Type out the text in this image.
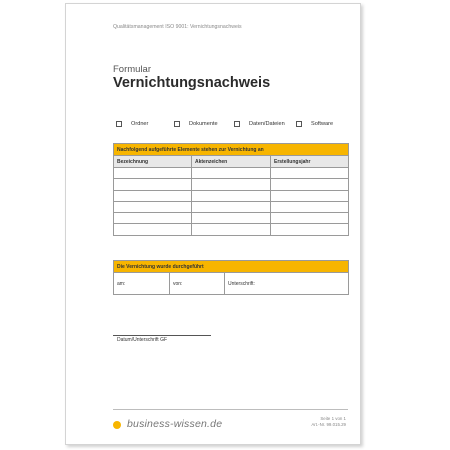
Qualitätsmanagement ISO 9001: Vernichtungsnachweis
Formular
Vernichtungsnachweis
Ordner	Dokumente	Daten/Dateien	Software
Nachfolgend aufgeführte Elemente stehen zur Vernichtung an		
Bezeichnung	Aktenzeichen	Erstellungsjahr

Die Vernichtung wurde durchgeführt
am:	von:	Unterschrift:
Datum/Unterschrift GF
business-wissen.de	Seite 1 von 1
Art.-Nr. 99.015.29
